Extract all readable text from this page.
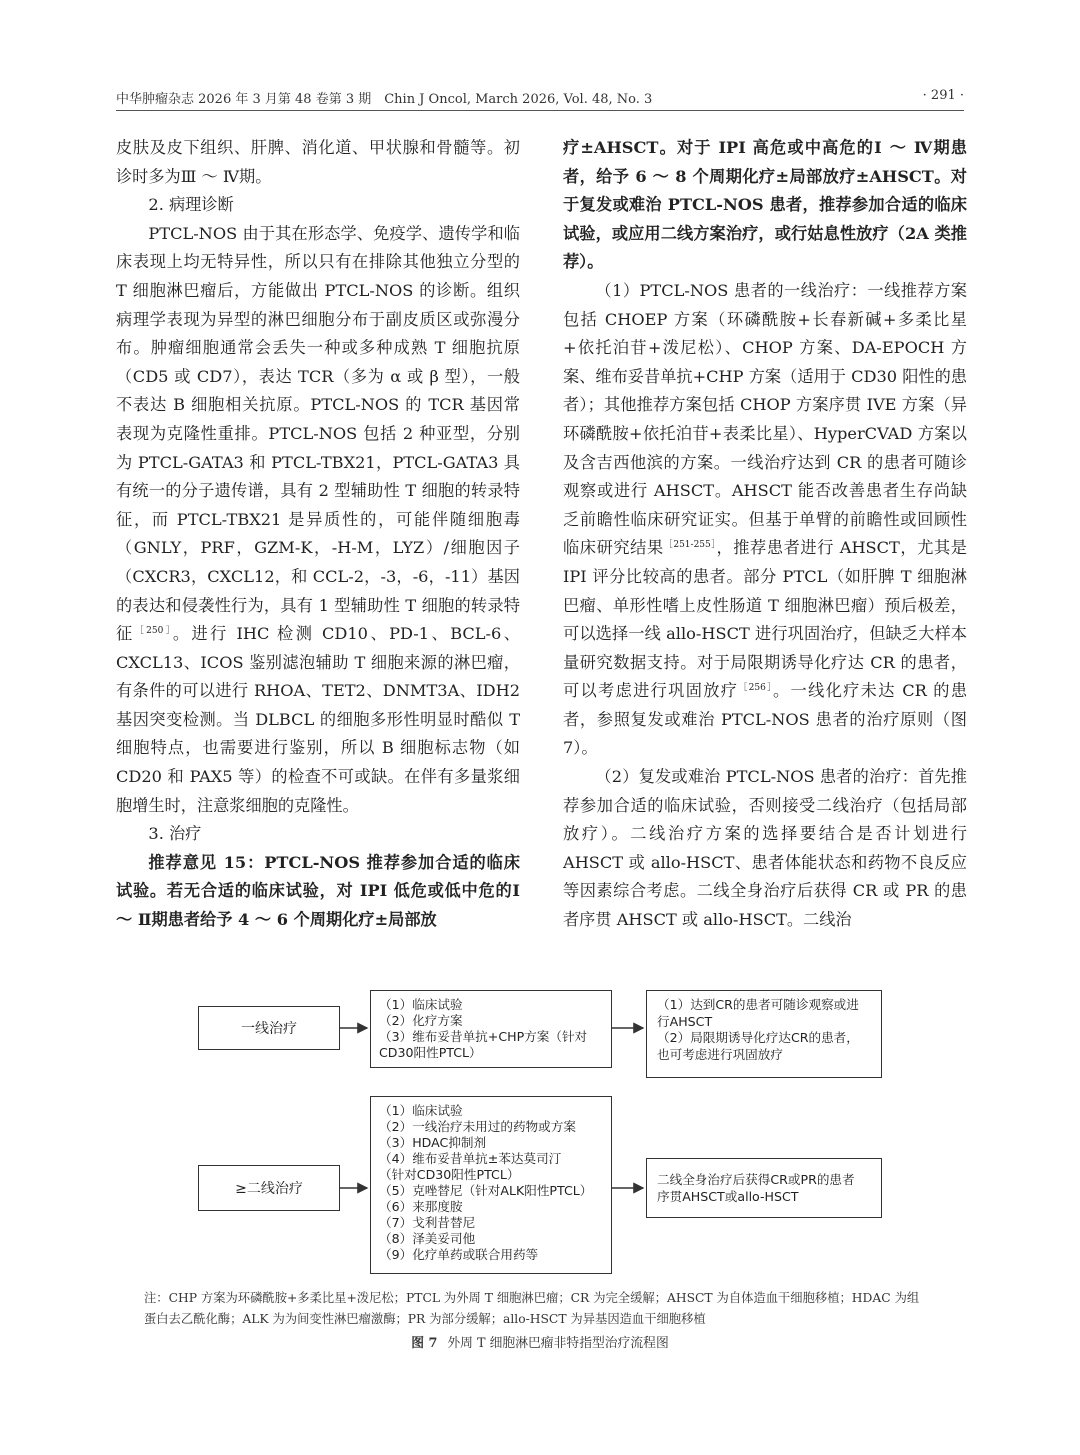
中华肿瘤杂志 2026 年 3 月第 48 卷第 3 期　Chin J Oncol, March 2026, Vol. 48, No. 3	· 291 ·

皮肤及皮下组织、肝脾、消化道、甲状腺和骨髓等。初诊时多为Ⅲ ～ Ⅳ期。

2. 病理诊断

PTCL-NOS 由于其在形态学、免疫学、遗传学和临床表现上均无特异性，所以只有在排除其他独立分型的 T 细胞淋巴瘤后，方能做出 PTCL-NOS 的诊断。组织病理学表现为异型的淋巴细胞分布于副皮质区或弥漫分布。肿瘤细胞通常会丢失一种或多种成熟 T 细胞抗原（CD5 或 CD7），表达 TCR（多为 α 或 β 型），一般不表达 B 细胞相关抗原。PTCL-NOS 的 TCR 基因常表现为克隆性重排。PTCL-NOS 包括 2 种亚型，分别为 PTCL-GATA3 和 PTCL-TBX21，PTCL-GATA3 具有统一的分子遗传谱，具有 2 型辅助性 T 细胞的转录特征，而 PTCL-TBX21 是异质性的，可能伴随细胞毒（GNLY，PRF，GZM-K，-H-M，LYZ）/细胞因子（CXCR3，CXCL12，和 CCL-2，-3，-6，-11）基因的表达和侵袭性行为，具有 1 型辅助性 T 细胞的转录特征$^{[250]}$。进行 IHC 检测 CD10、PD-1、BCL-6、CXCL13、ICOS 鉴别滤泡辅助 T 细胞来源的淋巴瘤，有条件的可以进行 RHOA、TET2、DNMT3A、IDH2 基因突变检测。当 DLBCL 的细胞多形性明显时酷似 T 细胞特点，也需要进行鉴别，所以 B 细胞标志物（如 CD20 和 PAX5 等）的检查不可或缺。在伴有多量浆细胞增生时，注意浆细胞的克隆性。

3. 治疗

推荐意见 15：PTCL-NOS 推荐参加合适的临床试验。若无合适的临床试验，对 IPI 低危或低中危的Ⅰ ～ Ⅱ期患者给予 4 ～ 6 个周期化疗±局部放

疗±AHSCT。对于 IPI 高危或中高危的Ⅰ ～ Ⅳ期患者，给予 6 ～ 8 个周期化疗±局部放疗±AHSCT。对于复发或难治 PTCL-NOS 患者，推荐参加合适的临床试验，或应用二线方案治疗，或行姑息性放疗（2A 类推荐）。

（1）PTCL-NOS 患者的一线治疗：一线推荐方案包括 CHOEP 方案（环磷酰胺+长春新碱+多柔比星+依托泊苷+泼尼松）、CHOP 方案、DA-EPOCH 方案、维布妥昔单抗+CHP 方案（适用于 CD30 阳性的患者）；其他推荐方案包括 CHOP 方案序贯 IVE 方案（异环磷酰胺+依托泊苷+表柔比星）、HyperCVAD 方案以及含吉西他滨的方案。一线治疗达到 CR 的患者可随诊观察或进行 AHSCT。AHSCT 能否改善患者生存尚缺乏前瞻性临床研究证实。但基于单臂的前瞻性或回顾性临床研究结果$^{[251-255]}$，推荐患者进行 AHSCT，尤其是 IPI 评分比较高的患者。部分 PTCL（如肝脾 T 细胞淋巴瘤、单形性嗜上皮性肠道 T 细胞淋巴瘤）预后极差，可以选择一线 allo-HSCT 进行巩固治疗，但缺乏大样本量研究数据支持。对于局限期诱导化疗达 CR 的患者，可以考虑进行巩固放疗$^{[256]}$。一线化疗未达 CR 的患者，参照复发或难治 PTCL-NOS 患者的治疗原则（图 7）。

（2）复发或难治 PTCL-NOS 患者的治疗：首先推荐参加合适的临床试验，否则接受二线治疗（包括局部放疗）。二线治疗方案的选择要结合是否计划进行 AHSCT 或 allo-HSCT、患者体能状态和药物不良反应等因素综合考虑。二线全身治疗后获得 CR 或 PR 的患者序贯 AHSCT 或 allo-HSCT。二线治

一线治疗
（1）临床试验
（2）化疗方案
（3）维布妥昔单抗+CHP方案（针对
CD30阳性PTCL）
（1）达到CR的患者可随诊观察或进
行AHSCT
（2）局限期诱导化疗达CR的患者，
也可考虑进行巩固放疗
≥二线治疗
（1）临床试验
（2）一线治疗未用过的药物或方案
（3）HDAC抑制剂
（4）维布妥昔单抗±苯达莫司汀
（针对CD30阳性PTCL）
（5）克唑替尼（针对ALK阳性PTCL）
（6）来那度胺
（7）戈利昔替尼
（8）泽美妥司他
（9）化疗单药或联合用药等
二线全身治疗后获得CR或PR的患者
序贯AHSCT或allo-HSCT

注：CHP 方案为环磷酰胺+多柔比星+泼尼松；PTCL 为外周 T 细胞淋巴瘤；CR 为完全缓解；AHSCT 为自体造血干细胞移植；HDAC 为组

蛋白去乙酰化酶；ALK 为为间变性淋巴瘤激酶；PR 为部分缓解；allo-HSCT 为异基因造血干细胞移植

图 7 外周 T 细胞淋巴瘤非特指型治疗流程图
